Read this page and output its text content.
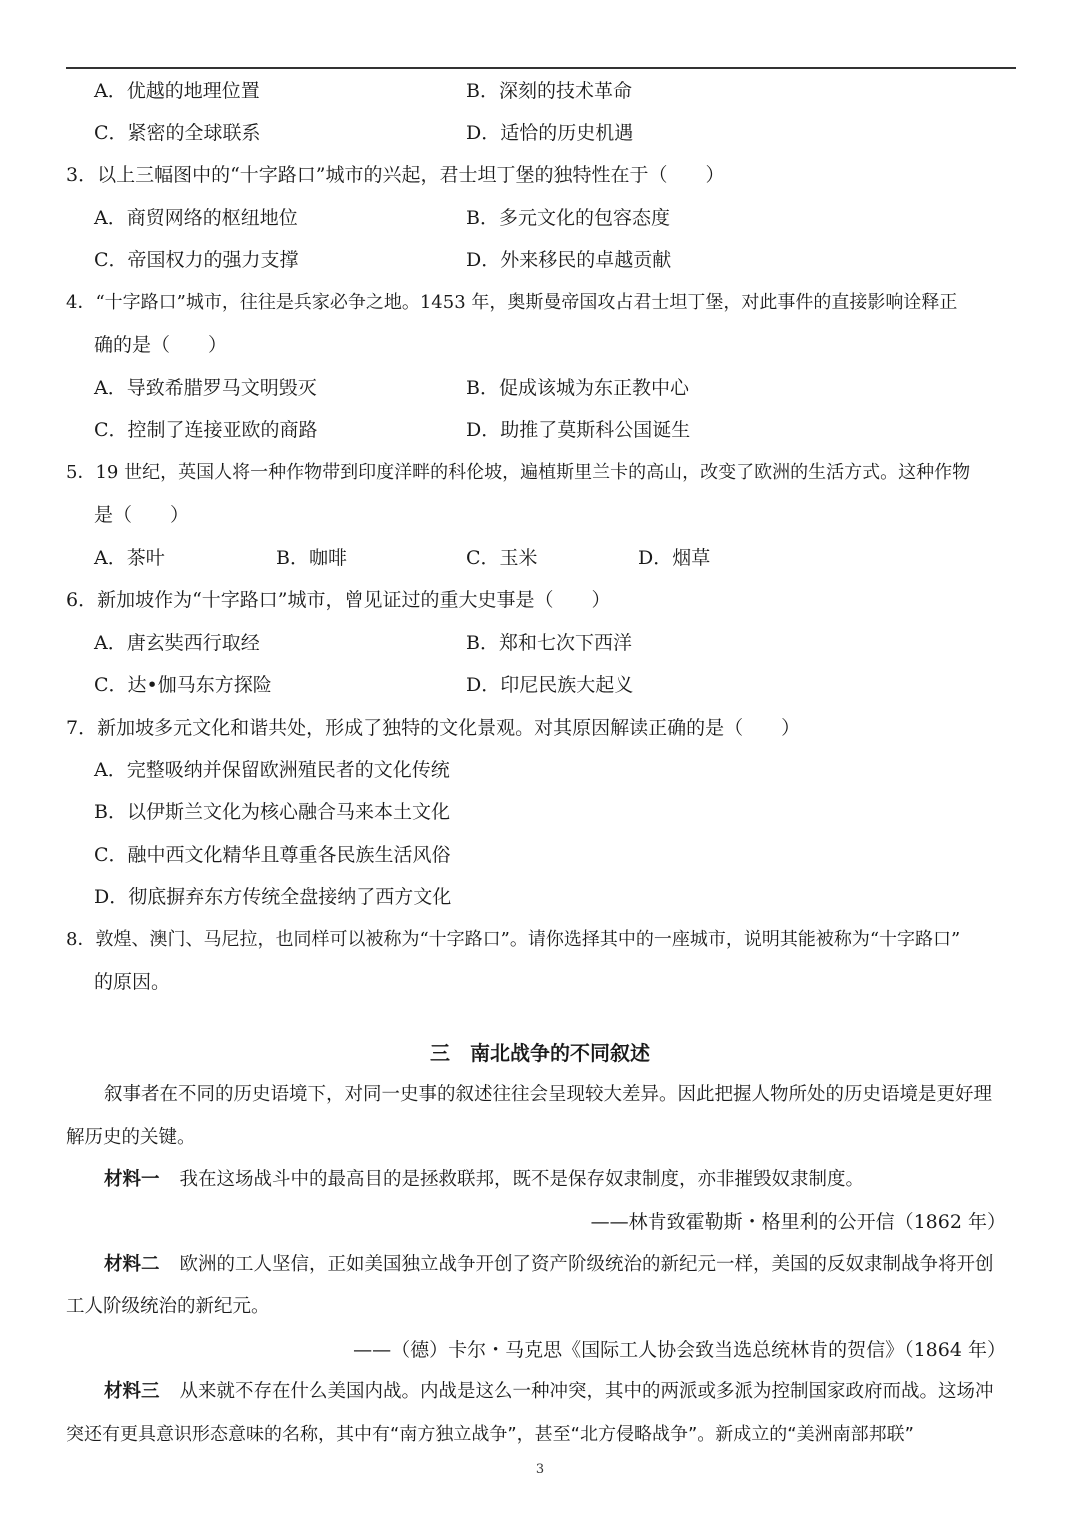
A．优越的地理位置	B．深刻的技术革命
C．紧密的全球联系	D．适恰的历史机遇
3．以上三幅图中的“十字路口”城市的兴起，君士坦丁堡的独特性在于（　　）
A．商贸网络的枢纽地位	B．多元文化的包容态度
C．帝国权力的强力支撑	D．外来移民的卓越贡献
4．“十字路口”城市，往往是兵家必争之地。1453 年，奥斯曼帝国攻占君士坦丁堡，对此事件的直接影响诠释正
确的是（　　）
A．导致希腊罗马文明毁灭	B．促成该城为东正教中心
C．控制了连接亚欧的商路	D．助推了莫斯科公国诞生
5．19 世纪，英国人将一种作物带到印度洋畔的科伦坡，遍植斯里兰卡的高山，改变了欧洲的生活方式。这种作物
是（　　）
A．茶叶	B．咖啡	C．玉米	D．烟草
6．新加坡作为“十字路口”城市，曾见证过的重大史事是（　　）
A．唐玄奘西行取经	B．郑和七次下西洋
C．达•伽马东方探险	D．印尼民族大起义
7．新加坡多元文化和谐共处，形成了独特的文化景观。对其原因解读正确的是（　　）
A．完整吸纳并保留欧洲殖民者的文化传统
B．以伊斯兰文化为核心融合马来本土文化
C．融中西文化精华且尊重各民族生活风俗
D．彻底摒弃东方传统全盘接纳了西方文化
8．敦煌、澳门、马尼拉，也同样可以被称为“十字路口”。请你选择其中的一座城市，说明其能被称为“十字路口”
的原因。
三　南北战争的不同叙述
叙事者在不同的历史语境下，对同一史事的叙述往往会呈现较大差异。因此把握人物所处的历史语境是更好理
解历史的关键。
材料一 我在这场战斗中的最高目的是拯救联邦，既不是保存奴隶制度，亦非摧毁奴隶制度。
——林肯致霍勒斯・格里利的公开信（1862 年）
材料二 欧洲的工人坚信，正如美国独立战争开创了资产阶级统治的新纪元一样，美国的反奴隶制战争将开创
工人阶级统治的新纪元。
——（德）卡尔・马克思《国际工人协会致当选总统林肯的贺信》（1864 年）
材料三 从来就不存在什么美国内战。内战是这么一种冲突，其中的两派或多派为控制国家政府而战。这场冲
突还有更具意识形态意味的名称，其中有“南方独立战争”，甚至“北方侵略战争”。新成立的“美洲南部邦联”
3
